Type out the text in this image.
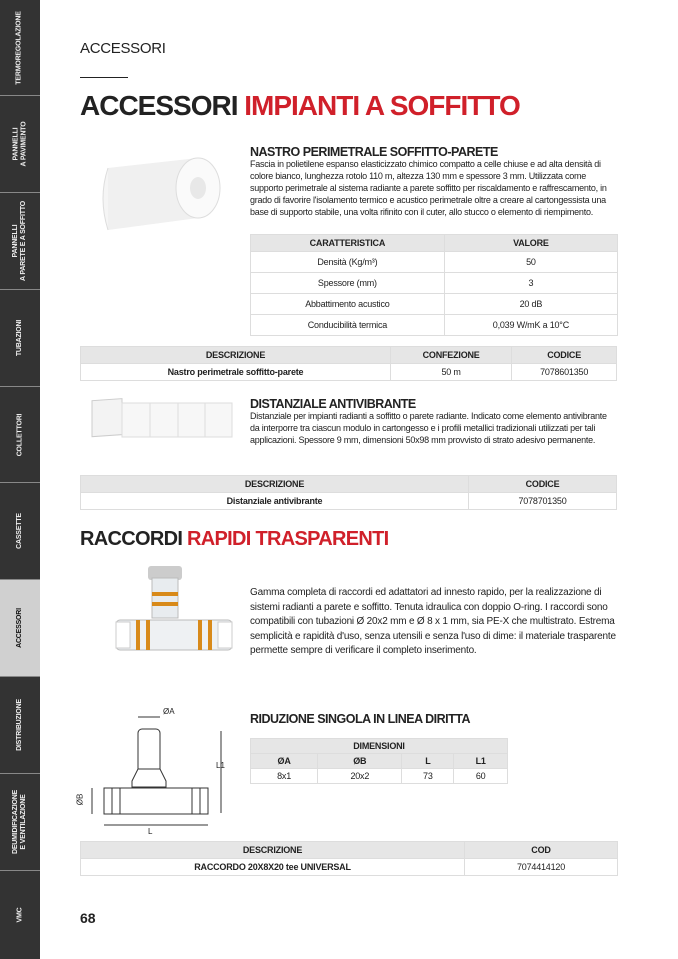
TERMOREGOLAZIONE
PANNELLI
A PAVIMENTO
PANNELLI
A PARETE E A SOFFITTO
TUBAZIONI
COLLETTORI
CASSETTE
ACCESSORI
DISTRIBUZIONE
DEUMIDIFICAZIONE
E VENTILAZIONE
VMC
ACCESSORI
ACCESSORI IMPIANTI A SOFFITTO
NASTRO PERIMETRALE SOFFITTO-PARETE
Fascia in polietilene espanso elasticizzato chimico compatto a celle chiuse e ad alta densità di colore bianco, lunghezza rotolo 110 m, altezza 130 mm e spessore 3 mm. Utilizzata come supporto perimetrale al sistema radiante a parete soffitto per riscaldamento e raffrescamento, in grado di favorire l'isolamento termico e acustico perimetrale oltre a creare al cartongessista una base di supporto stabile, una volta rifinito con il cuter, allo stucco o elemento di riempimento.
CARATTERISTICA	VALORE
Densità (Kg/m³)	50
Spessore (mm)	3
Abbattimento acustico	20 dB
Conducibilità termica	0,039 W/mK a 10°C
DESCRIZIONE	CONFEZIONE	CODICE
Nastro perimetrale soffitto-parete	50 m	7078601350
DISTANZIALE ANTIVIBRANTE
Distanziale per impianti radianti a soffitto o parete radiante. Indicato come elemento antivibrante da interporre tra ciascun modulo in cartongesso e i profili metallici tradizionali utilizzati per tali applicazioni. Spessore 9 mm, dimensioni 50x98 mm provvisto di strato adesivo permanente.
DESCRIZIONE	CODICE
Distanziale antivibrante	7078701350
RACCORDI RAPIDI TRASPARENTI
Gamma completa di raccordi ed adattatori ad innesto rapido, per la realizzazione di sistemi radianti a parete e soffitto. Tenuta idraulica con doppio O-ring. I raccordi sono compatibili con tubazioni Ø 20x2 mm e Ø 8 x 1 mm, sia PE-X che multistrato. Estrema semplicità e rapidità d'uso, senza utensili e senza l'uso di dime: il materiale trasparente permette sempre di verificare il completo inserimento.
ØA
L1
ØB
L
RIDUZIONE SINGOLA IN LINEA DIRITTA
DIMENSIONI			
ØA	ØB	L	L1
8x1	20x2	73	60
DESCRIZIONE	COD
RACCORDO 20X8X20 tee UNIVERSAL	7074414120
68
